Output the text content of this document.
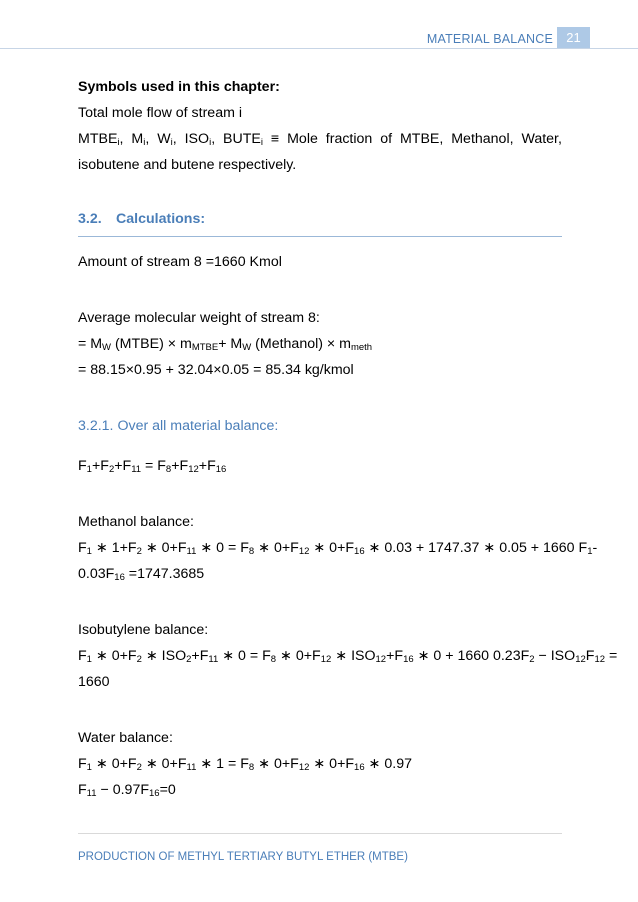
MATERIAL BALANCE	21

Symbols used in this chapter:

Total mole flow of stream i

$MTBE_i$, $M_i$, $W_i$, $ISO_i$, $BUTE_i$ ≡ Mole fraction of MTBE, Methanol, Water,

isobutene and butene respectively.

3.2. Calculations:

Amount of stream 8 =1660 Kmol

Average molecular weight of stream 8:

= $M_W$ (MTBE) × $m_{MTBE}+ M_W$ (Methanol) × $m_{meth}$

= 88.15×0.95 + 32.04×0.05 = 85.34 kg/kmol

3.2.1. Over all material balance:

$F_1+F_2+F_{11} = F_8+F_{12}+F_{16}$

Methanol balance:

$F_1$ ∗ $1+F_2$ ∗ $0+F_{11}$ ∗ $0 = F_8$ ∗ $0+F_{12}$ ∗ $0+F_{16}$ ∗ 0.03 + 1747.37 ∗ 0.05 + 1660 $F_1-$

$0.03F_{16} =1747.3685$

Isobutylene balance:

$F_1$ ∗ $0+F_2$ ∗ $ISO_2+F_{11}$ ∗ $0 = F_8$ ∗ $0+F_{12}$ ∗ $ISO_{12}+F_{16}$ ∗ 0 + 1660 $0.23F_2 - ISO_{12}F_{12}$ =

1660

Water balance:

$F_1$ ∗ $0+F_2$ ∗ $0+F_{11}$ ∗ $1 = F_8$ ∗ $0+F_{12}$ ∗ $0+F_{16}$ ∗ 0.97

$F_{11} - 0.97F_{16}=0$

PRODUCTION OF METHYL TERTIARY BUTYL ETHER (MTBE)
